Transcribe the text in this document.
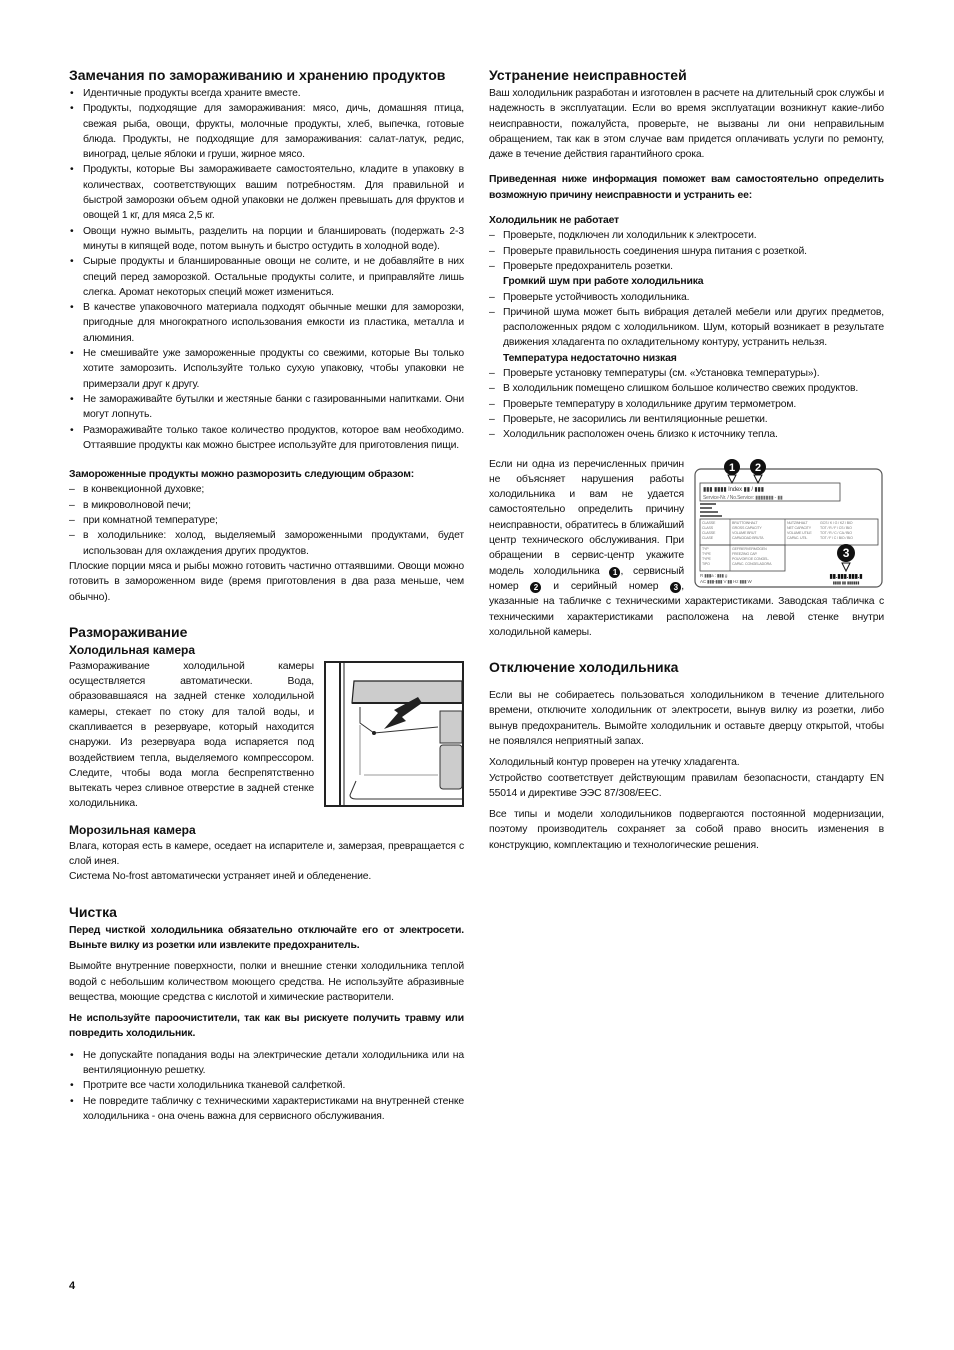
Замечания по замораживанию и хранению продуктов
• Идентичные продукты всегда храните вместе.
• Продукты, подходящие для замораживания: мясо, дичь, домашняя птица, свежая рыба, овощи, фрукты, молочные продукты, хлеб, выпечка, готовые блюда. Продукты, не подходящие для замораживания: салат-латук, редис, виноград, целые яблоки и груши, жирное мясо.
• Продукты, которые Вы замораживаете самостоятельно, кладите в упаковку в количествах, соответствующих вашим потребностям. Для правильной и быстрой заморозки объем одной упаковки не должен превышать для фруктов и овощей 1 кг, для мяса 2,5 кг.
• Овощи нужно вымыть, разделить на порции и бланшировать (подержать 2-3 минуты в кипящей воде, потом вынуть и быстро остудить в холодной воде).
• Сырые продукты и бланшированные овощи не солите, и не добавляйте в них специй перед заморозкой. Остальные продукты солите, и приправляйте лишь слегка. Аромат некоторых специй может измениться.
• В качестве упаковочного материала подходят обычные мешки для заморозки, пригодные для многократного использования емкости из пластика, металла и алюминия.
• Не смешивайте уже замороженные продукты со свежими, которые Вы только хотите заморозить. Используйте только сухую упаковку, чтобы упаковки не примерзали друг к другу.
• Не замораживайте бутылки и жестяные банки с газированными напитками. Они могут лопнуть.
• Размораживайте только такое количество продуктов, которое вам необходимо. Оттаявшие продукты как можно быстрее используйте для приготовления пищи.

Замороженные продукты можно разморозить следующим образом:

– в конвекционной духовке;
– в микроволновой печи;
– при комнатной температуре;
– в холодильнике: холод, выделяемый замороженными продуктами, будет использован для охлаждения других продуктов.

Плоские порции мяса и рыбы можно готовить частично оттаявшими. Овощи можно готовить в замороженном виде (время приготовления в два раза меньше, чем обычно).

Размораживание
Холодильная камера

Размораживание холодильной камеры осуществляется автоматически. Вода, образовавшаяся на задней стенке холодильной камеры, стекает по стоку для талой воды, и скапливается в резервуаре, который находится снаружи. Из резервуара вода испаряется под воздействием тепла, выделяемого компрессором. Следите, чтобы вода могла беспрепятственно вытекать через сливное отверстие в задней стенке холодильника.

Морозильная камера

Влага, которая есть в камере, оседает на испарителе и, замерзая, превращается с слой инея.

Система No-frost автоматически устраняет иней и обледенение.

Чистка

Перед чисткой холодильника обязательно отключайте его от электросети. Выньте вилку из розетки или извлеките предохранитель.

Вымойте внутренние поверхности, полки и внешние стенки холодильника теплой водой с небольшим количеством моющего средства. Не используйте абразивные вещества, моющие средства с кислотой и химические растворители.

Не используйте пароочистители, так как вы рискуете получить травму или повредить холодильник.

• Не допускайте попадания воды на электрические детали холодильника или на вентиляционную решетку.
• Протрите все части холодильника тканевой салфеткой.
• Не повредите табличку с техническими характеристиками на внутренней стенке холодильника - она очень важна для сервисного обслуживания.
Устранение неисправностей

Ваш холодильник разработан и изготовлен в расчете на длительный срок службы и надежность в эксплуатации. Если во время эксплуатации возникнут какие-либо неисправности, пожалуйста, проверьте, не вызваны ли они неправильным обращением, так как в этом случае вам придется оплачивать услуги по ремонту, даже в течение действия гарантийного срока.

Приведенная ниже информация поможет вам самостоятельно определить возможную причину неисправности и устранить ее:

Холодильник не работает

– Проверьте, подключен ли холодильник к электросети.
– Проверьте правильность соединения шнура питания с розеткой.
– Проверьте предохранитель розетки.
Громкий шум при работе холодильника
– Проверьте устойчивость холодильника.
– Причиной шума может быть вибрация деталей мебели или других предметов, расположенных рядом с холодильником. Шум, который возникает в результате движения хладагента по охладительному контуру, устранить нельзя.
Температура недостаточно низкая
– Проверьте установку температуры (см. «Установка температуры»).
– В холодильник помещено слишком большое количество свежих продуктов.
– Проверьте температуру в холодильнике другим термометром.
– Проверьте, не засорились ли вентиляционные решетки.
– Холодильник расположен очень близко к источнику тепла.
1 2
▮▮▮ ▮▮▮▮ Index ▮▮ / ▮▮▮
Service-Nr. / No.Service: ▮▮▮▮▮▮▮ - ▮▮
CLASSE
CLASS
CLASSE
CLASE
BRUTTOINHALT
GROSS CAPACITY
VOLUME BRUT
CAPACIDAD BRUTA
NUTZINHALT
NET CAPACITY
VOLUME UTILE
CAPAC. UTIL
GCS / K / G / KZ / BIO
TOT / R / F / CS / BIO
TOT / R / C / CA / BIO
TOT / F / C / BIO / BIO
TYP
TYPE
TYPE
TIPO
GEFRIERVERMÖGEN
FREEZING CAP.
POUVOIR DE CONGEL.
CAPAC. CONGELADORA
R ▮▮▮a : ▮▮▮ g
AC ▮▮▮-▮▮▮ V ▮▮ Hz ▮▮▮ W
3
▮▮.▮▮▮.▮▮▮.▮
▮▮▮▮ ▮▮ ▮▮▮▮▮▮

Если ни одна из перечисленных причин не объясняет нарушения работы холодильника и вам не удается самостоятельно определить причину неисправности, обратитесь в ближайший центр технического обслуживания. При обращении в сервис-центр укажите модель холодильника 1 , сервисный номер 2 и серийный номер 3 , указанные на табличке с техническими характеристиками. Заводская табличка с техническими характеристиками расположена на левой стенке внутри холодильной камеры.

Отключение холодильника

Если вы не собираетесь пользоваться холодильником в течение длительного времени, отключите холодильник от электросети, вынув вилку из розетки, либо вынув предохранитель. Вымойте холодильник и оставьте дверцу открытой, чтобы не появлялся неприятный запах.

Холодильный контур проверен на утечку хладагента.

Устройство соответствует действующим правилам безопасности, стандарту EN 55014 и директиве ЭЭС 87/308/EEC.

Все типы и модели холодильников подвергаются постоянной модернизации, поэтому производитель сохраняет за собой право вносить изменения в конструкцию, комплектацию и технологические решения.

4
